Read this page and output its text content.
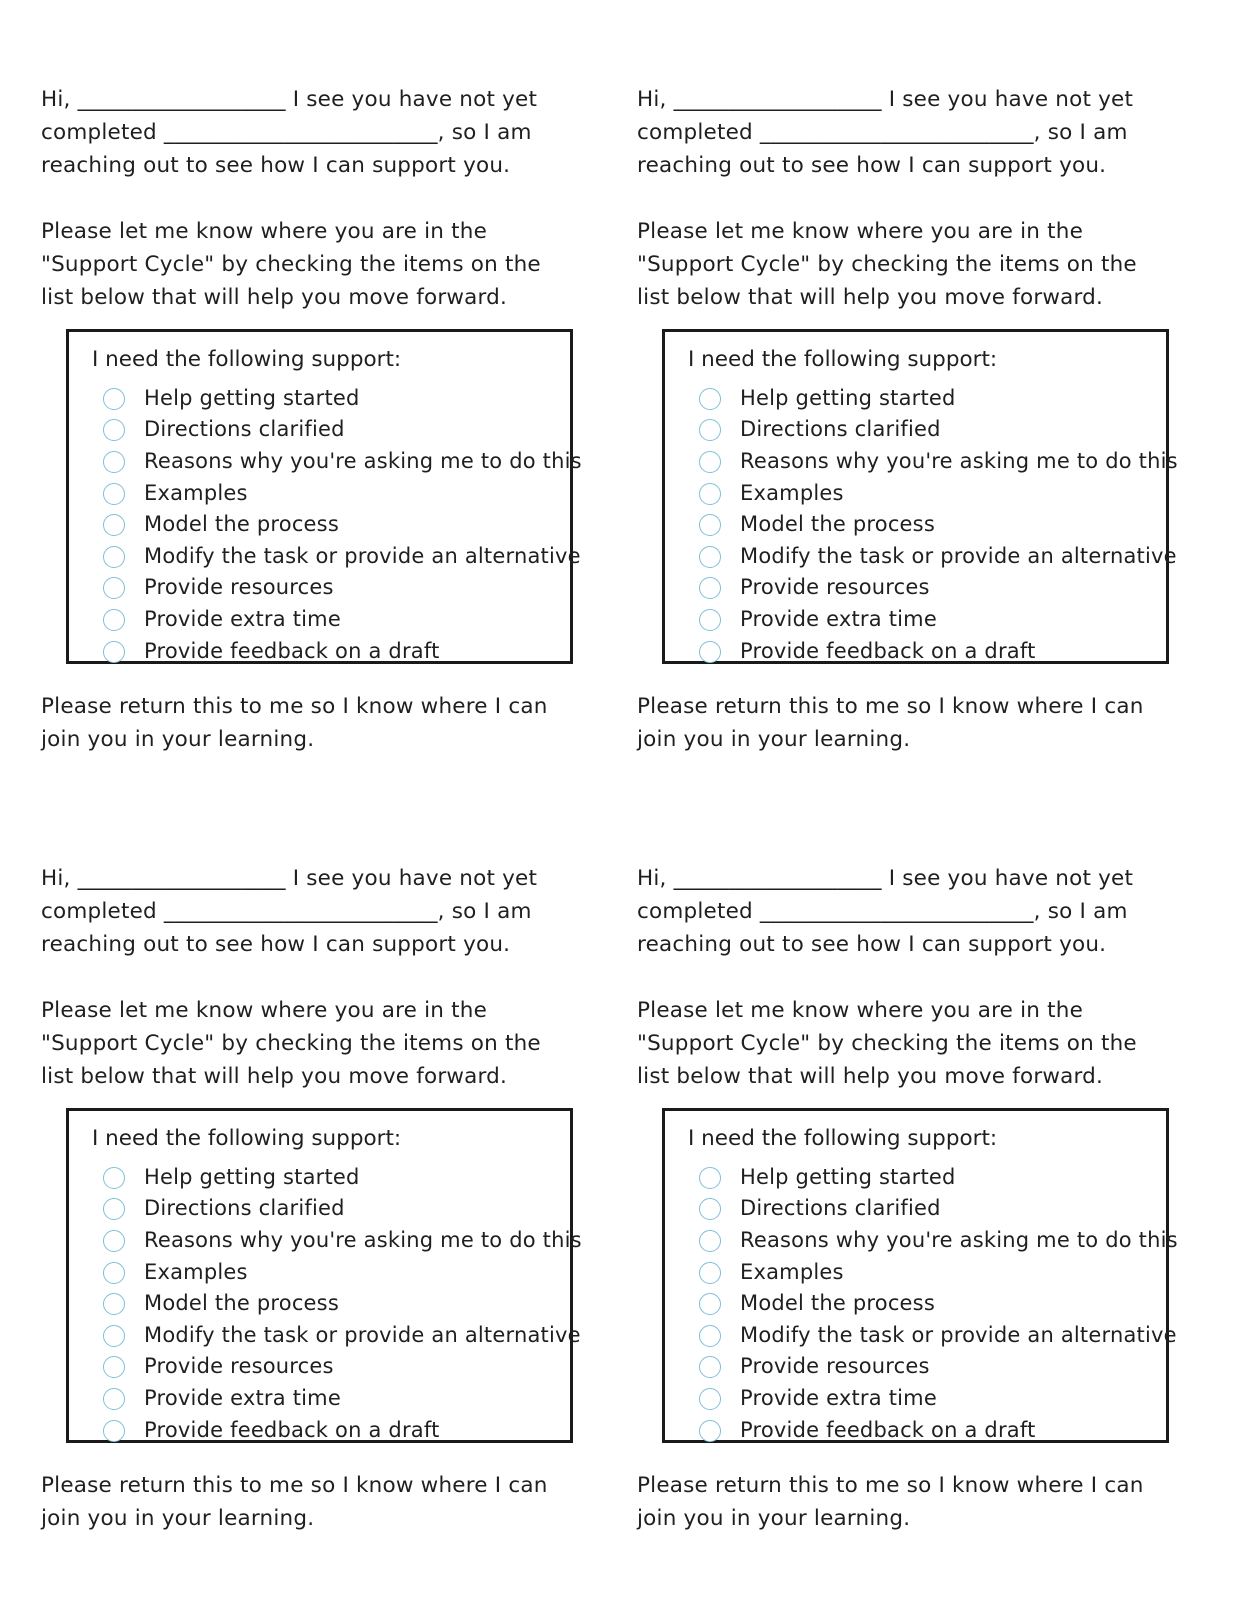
Hi, ___________________ I see you have not yet
completed _________________________, so I am
reaching out to see how I can support you.

Please let me know where you are in the
"Support Cycle" by checking the items on the
list below that will help you move forward.

I need the following support:
Help getting started
Directions clarified
Reasons why you're asking me to do this
Examples
Model the process
Modify the task or provide an alternative
Provide resources
Provide extra time
Provide feedback on a draft

Please return this to me so I know where I can
join you in your learning.

Hi, ___________________ I see you have not yet
completed _________________________, so I am
reaching out to see how I can support you.

Please let me know where you are in the
"Support Cycle" by checking the items on the
list below that will help you move forward.

I need the following support:
Help getting started
Directions clarified
Reasons why you're asking me to do this
Examples
Model the process
Modify the task or provide an alternative
Provide resources
Provide extra time
Provide feedback on a draft

Please return this to me so I know where I can
join you in your learning.

Hi, ___________________ I see you have not yet
completed _________________________, so I am
reaching out to see how I can support you.

Please let me know where you are in the
"Support Cycle" by checking the items on the
list below that will help you move forward.

I need the following support:
Help getting started
Directions clarified
Reasons why you're asking me to do this
Examples
Model the process
Modify the task or provide an alternative
Provide resources
Provide extra time
Provide feedback on a draft

Please return this to me so I know where I can
join you in your learning.

Hi, ___________________ I see you have not yet
completed _________________________, so I am
reaching out to see how I can support you.

Please let me know where you are in the
"Support Cycle" by checking the items on the
list below that will help you move forward.

I need the following support:
Help getting started
Directions clarified
Reasons why you're asking me to do this
Examples
Model the process
Modify the task or provide an alternative
Provide resources
Provide extra time
Provide feedback on a draft

Please return this to me so I know where I can
join you in your learning.
